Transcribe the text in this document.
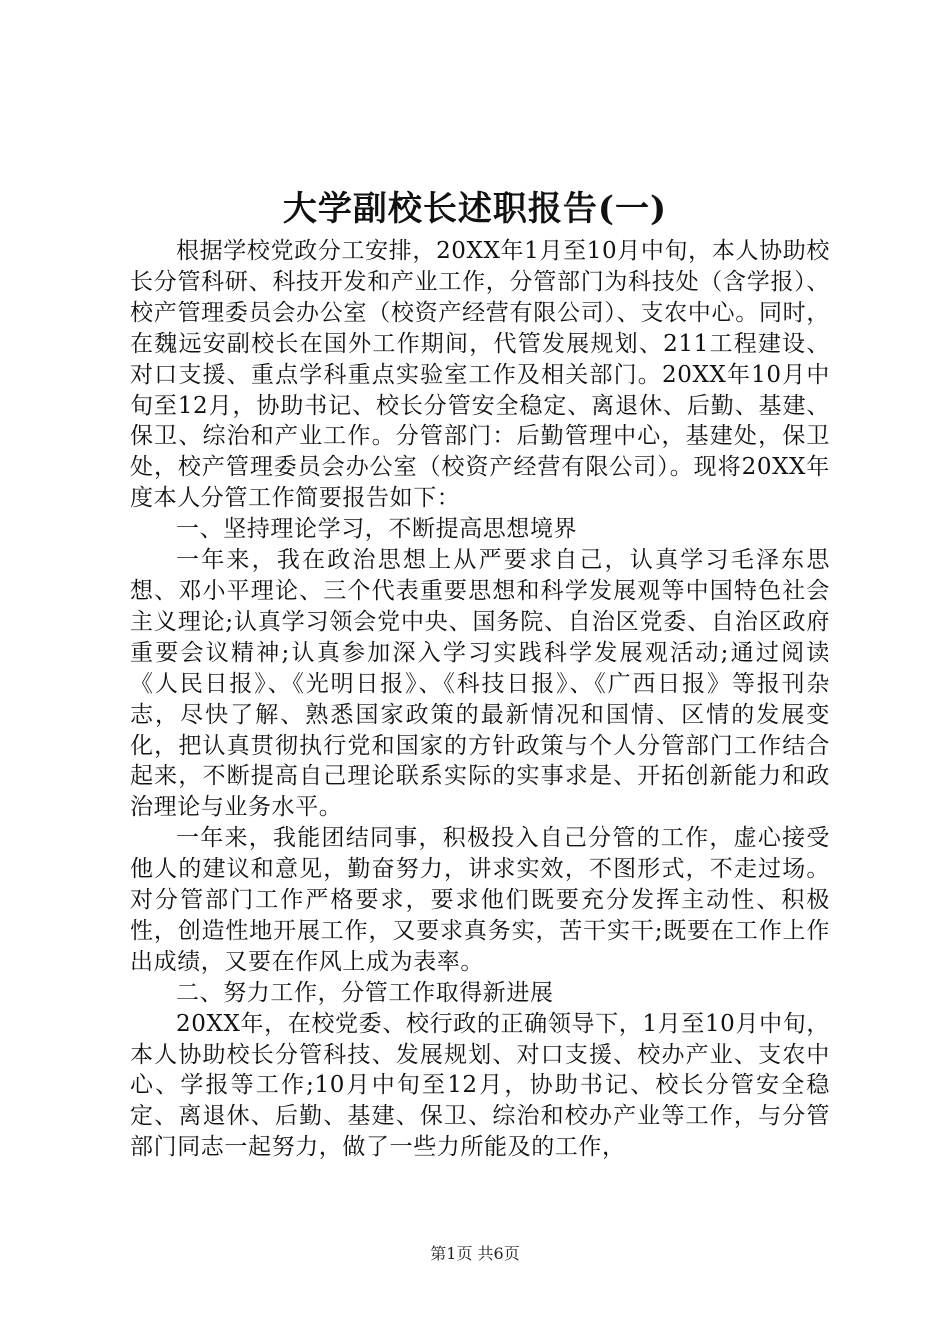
大学副校长述职报告(一)

根据学校党政分工安排，20XX年1月至10月中旬，本人协助校长分管科研、科技开发和产业工作，分管部门为科技处（含学报）、校产管理委员会办公室（校资产经营有限公司）、支农中心。同时，在魏远安副校长在国外工作期间，代管发展规划、211工程建设、对口支援、重点学科重点实验室工作及相关部门。20XX年10月中旬至12月，协助书记、校长分管安全稳定、离退休、后勤、基建、保卫、综治和产业工作。分管部门：后勤管理中心，基建处，保卫处，校产管理委员会办公室（校资产经营有限公司）。现将20XX年度本人分管工作简要报告如下：

一、坚持理论学习，不断提高思想境界

一年来，我在政治思想上从严要求自己，认真学习毛泽东思想、邓小平理论、三个代表重要思想和科学发展观等中国特色社会主义理论;认真学习领会党中央、国务院、自治区党委、自治区政府重要会议精神;认真参加深入学习实践科学发展观活动;通过阅读《人民日报》、《光明日报》、《科技日报》、《广西日报》等报刊杂志，尽快了解、熟悉国家政策的最新情况和国情、区情的发展变化，把认真贯彻执行党和国家的方针政策与个人分管部门工作结合起来，不断提高自己理论联系实际的实事求是、开拓创新能力和政治理论与业务水平。

一年来，我能团结同事，积极投入自己分管的工作，虚心接受他人的建议和意见，勤奋努力，讲求实效，不图形式，不走过场。对分管部门工作严格要求，要求他们既要充分发挥主动性、积极性，创造性地开展工作，又要求真务实，苦干实干;既要在工作上作出成绩，又要在作风上成为表率。

二、努力工作，分管工作取得新进展

20XX年，在校党委、校行政的正确领导下，1月至10月中旬，本人协助校长分管科技、发展规划、对口支援、校办产业、支农中心、学报等工作;10月中旬至12月，协助书记、校长分管安全稳定、离退休、后勤、基建、保卫、综治和校办产业等工作，与分管部门同志一起努力，做了一些力所能及的工作，

第1页 共6页
